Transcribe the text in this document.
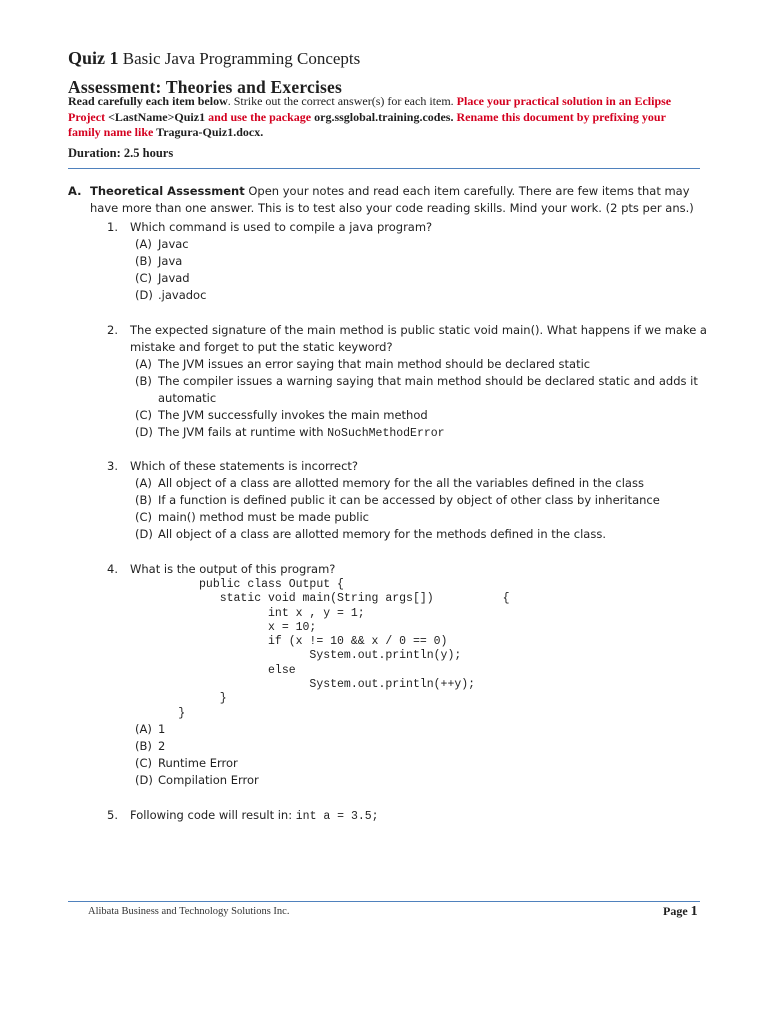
Quiz 1 Basic Java Programming Concepts
Assessment: Theories and Exercises
Read carefully each item below. Strike out the correct answer(s) for each item. Place your practical solution in an Eclipse Project <LastName>Quiz1 and use the package org.ssglobal.training.codes. Rename this document by prefixing your family name like Tragura-Quiz1.docx.
Duration: 2.5 hours
A. Theoretical Assessment Open your notes and read each item carefully. There are few items that may have more than one answer. This is to test also your code reading skills. Mind your work. (2 pts per ans.)
1. Which command is used to compile a java program?
(A) Javac
(B) Java
(C) Javad
(D) .javadoc
2. The expected signature of the main method is public static void main(). What happens if we make a mistake and forget to put the static keyword?
(A) The JVM issues an error saying that main method should be declared static
(B) The compiler issues a warning saying that main method should be declared static and adds it automatic
(C) The JVM successfully invokes the main method
(D) The JVM fails at runtime with NoSuchMethodError
3. Which of these statements is incorrect?
(A) All object of a class are allotted memory for the all the variables defined in the class
(B) If a function is defined public it can be accessed by object of other class by inheritance
(C) main() method must be made public
(D) All object of a class are allotted memory for the methods defined in the class.
4. What is the output of this program?
public class Output {
static void main(String args[])          {
int x , y = 1;
x = 10;
if (x != 10 && x / 0 == 0)
System.out.println(y);
else
System.out.println(++y);
}
}
(A) 1
(B) 2
(C) Runtime Error
(D) Compilation Error
5. Following code will result in: int a = 3.5;
Alibata Business and Technology Solutions Inc.	Page 1
